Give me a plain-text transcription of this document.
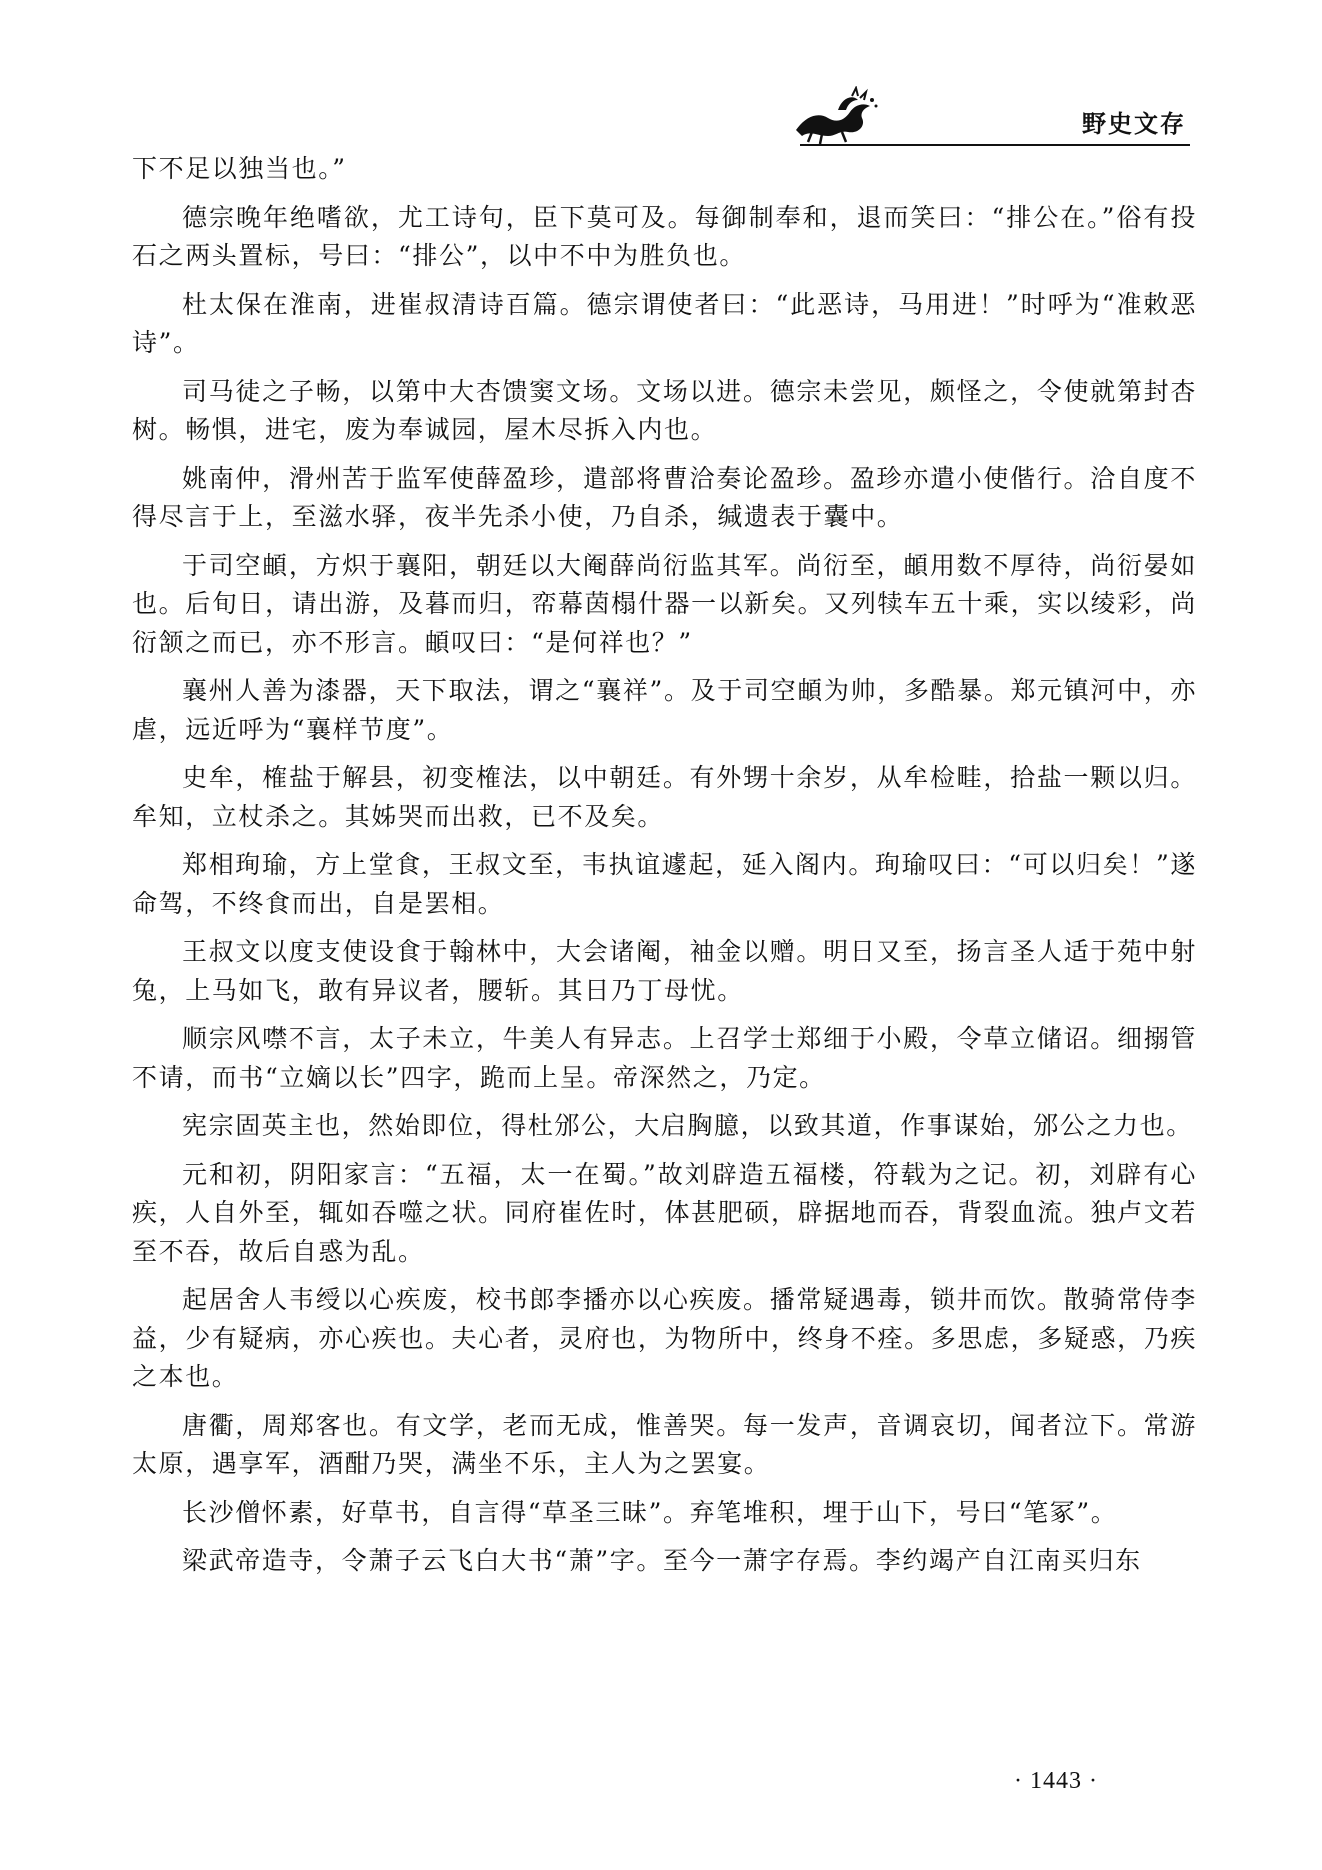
野史文存

下不足以独当也。”

德宗晚年绝嗜欲，尤工诗句，臣下莫可及。每御制奉和，退而笑曰：“排公在。”俗有投石之两头置标，号曰：“排公”，以中不中为胜负也。

杜太保在淮南，进崔叔清诗百篇。德宗谓使者曰：“此恶诗，马用进！”时呼为“准敕恶诗”。

司马徒之子畅，以第中大杏馈窦文场。文场以进。德宗未尝见，颇怪之，令使就第封杏树。畅惧，进宅，废为奉诚园，屋木尽拆入内也。

姚南仲，滑州苦于监军使薛盈珍，遣部将曹洽奏论盈珍。盈珍亦遣小使偕行。洽自度不得尽言于上，至滋水驿，夜半先杀小使，乃自杀，缄遗表于囊中。

于司空頔，方炽于襄阳，朝廷以大阉薛尚衍监其军。尚衍至，頔用数不厚待，尚衍晏如也。后旬日，请出游，及暮而归，帟幕茵榻什器一以新矣。又列犊车五十乘，实以绫彩，尚衍颔之而已，亦不形言。頔叹曰：“是何祥也？”

襄州人善为漆器，天下取法，谓之“襄祥”。及于司空頔为帅，多酷暴。郑元镇河中，亦虐，远近呼为“襄样节度”。

史牟，榷盐于解县，初变榷法，以中朝廷。有外甥十余岁，从牟检畦，拾盐一颗以归。牟知，立杖杀之。其姊哭而出救，已不及矣。

郑相珣瑜，方上堂食，王叔文至，韦执谊遽起，延入阁内。珣瑜叹曰：“可以归矣！”遂命驾，不终食而出，自是罢相。

王叔文以度支使设食于翰林中，大会诸阉，袖金以赠。明日又至，扬言圣人适于苑中射兔，上马如飞，敢有异议者，腰斩。其日乃丁母忧。

顺宗风噤不言，太子未立，牛美人有异志。上召学士郑细于小殿，令草立储诏。细搦管不请，而书“立嫡以长”四字，跪而上呈。帝深然之，乃定。

宪宗固英主也，然始即位，得杜邠公，大启胸臆，以致其道，作事谋始，邠公之力也。

元和初，阴阳家言：“五福，太一在蜀。”故刘辟造五福楼，符载为之记。初，刘辟有心疾，人自外至，辄如吞噬之状。同府崔佐时，体甚肥硕，辟据地而吞，背裂血流。独卢文若至不吞，故后自惑为乱。

起居舍人韦绶以心疾废，校书郎李播亦以心疾废。播常疑遇毒，锁井而饮。散骑常侍李益，少有疑病，亦心疾也。夫心者，灵府也，为物所中，终身不痊。多思虑，多疑惑，乃疾之本也。

唐衢，周郑客也。有文学，老而无成，惟善哭。每一发声，音调哀切，闻者泣下。常游太原，遇享军，酒酣乃哭，满坐不乐，主人为之罢宴。

长沙僧怀素，好草书，自言得“草圣三昧”。弃笔堆积，埋于山下，号曰“笔冢”。

梁武帝造寺，令萧子云飞白大书“萧”字。至今一萧字存焉。李约竭产自江南买归东

· 1443 ·
